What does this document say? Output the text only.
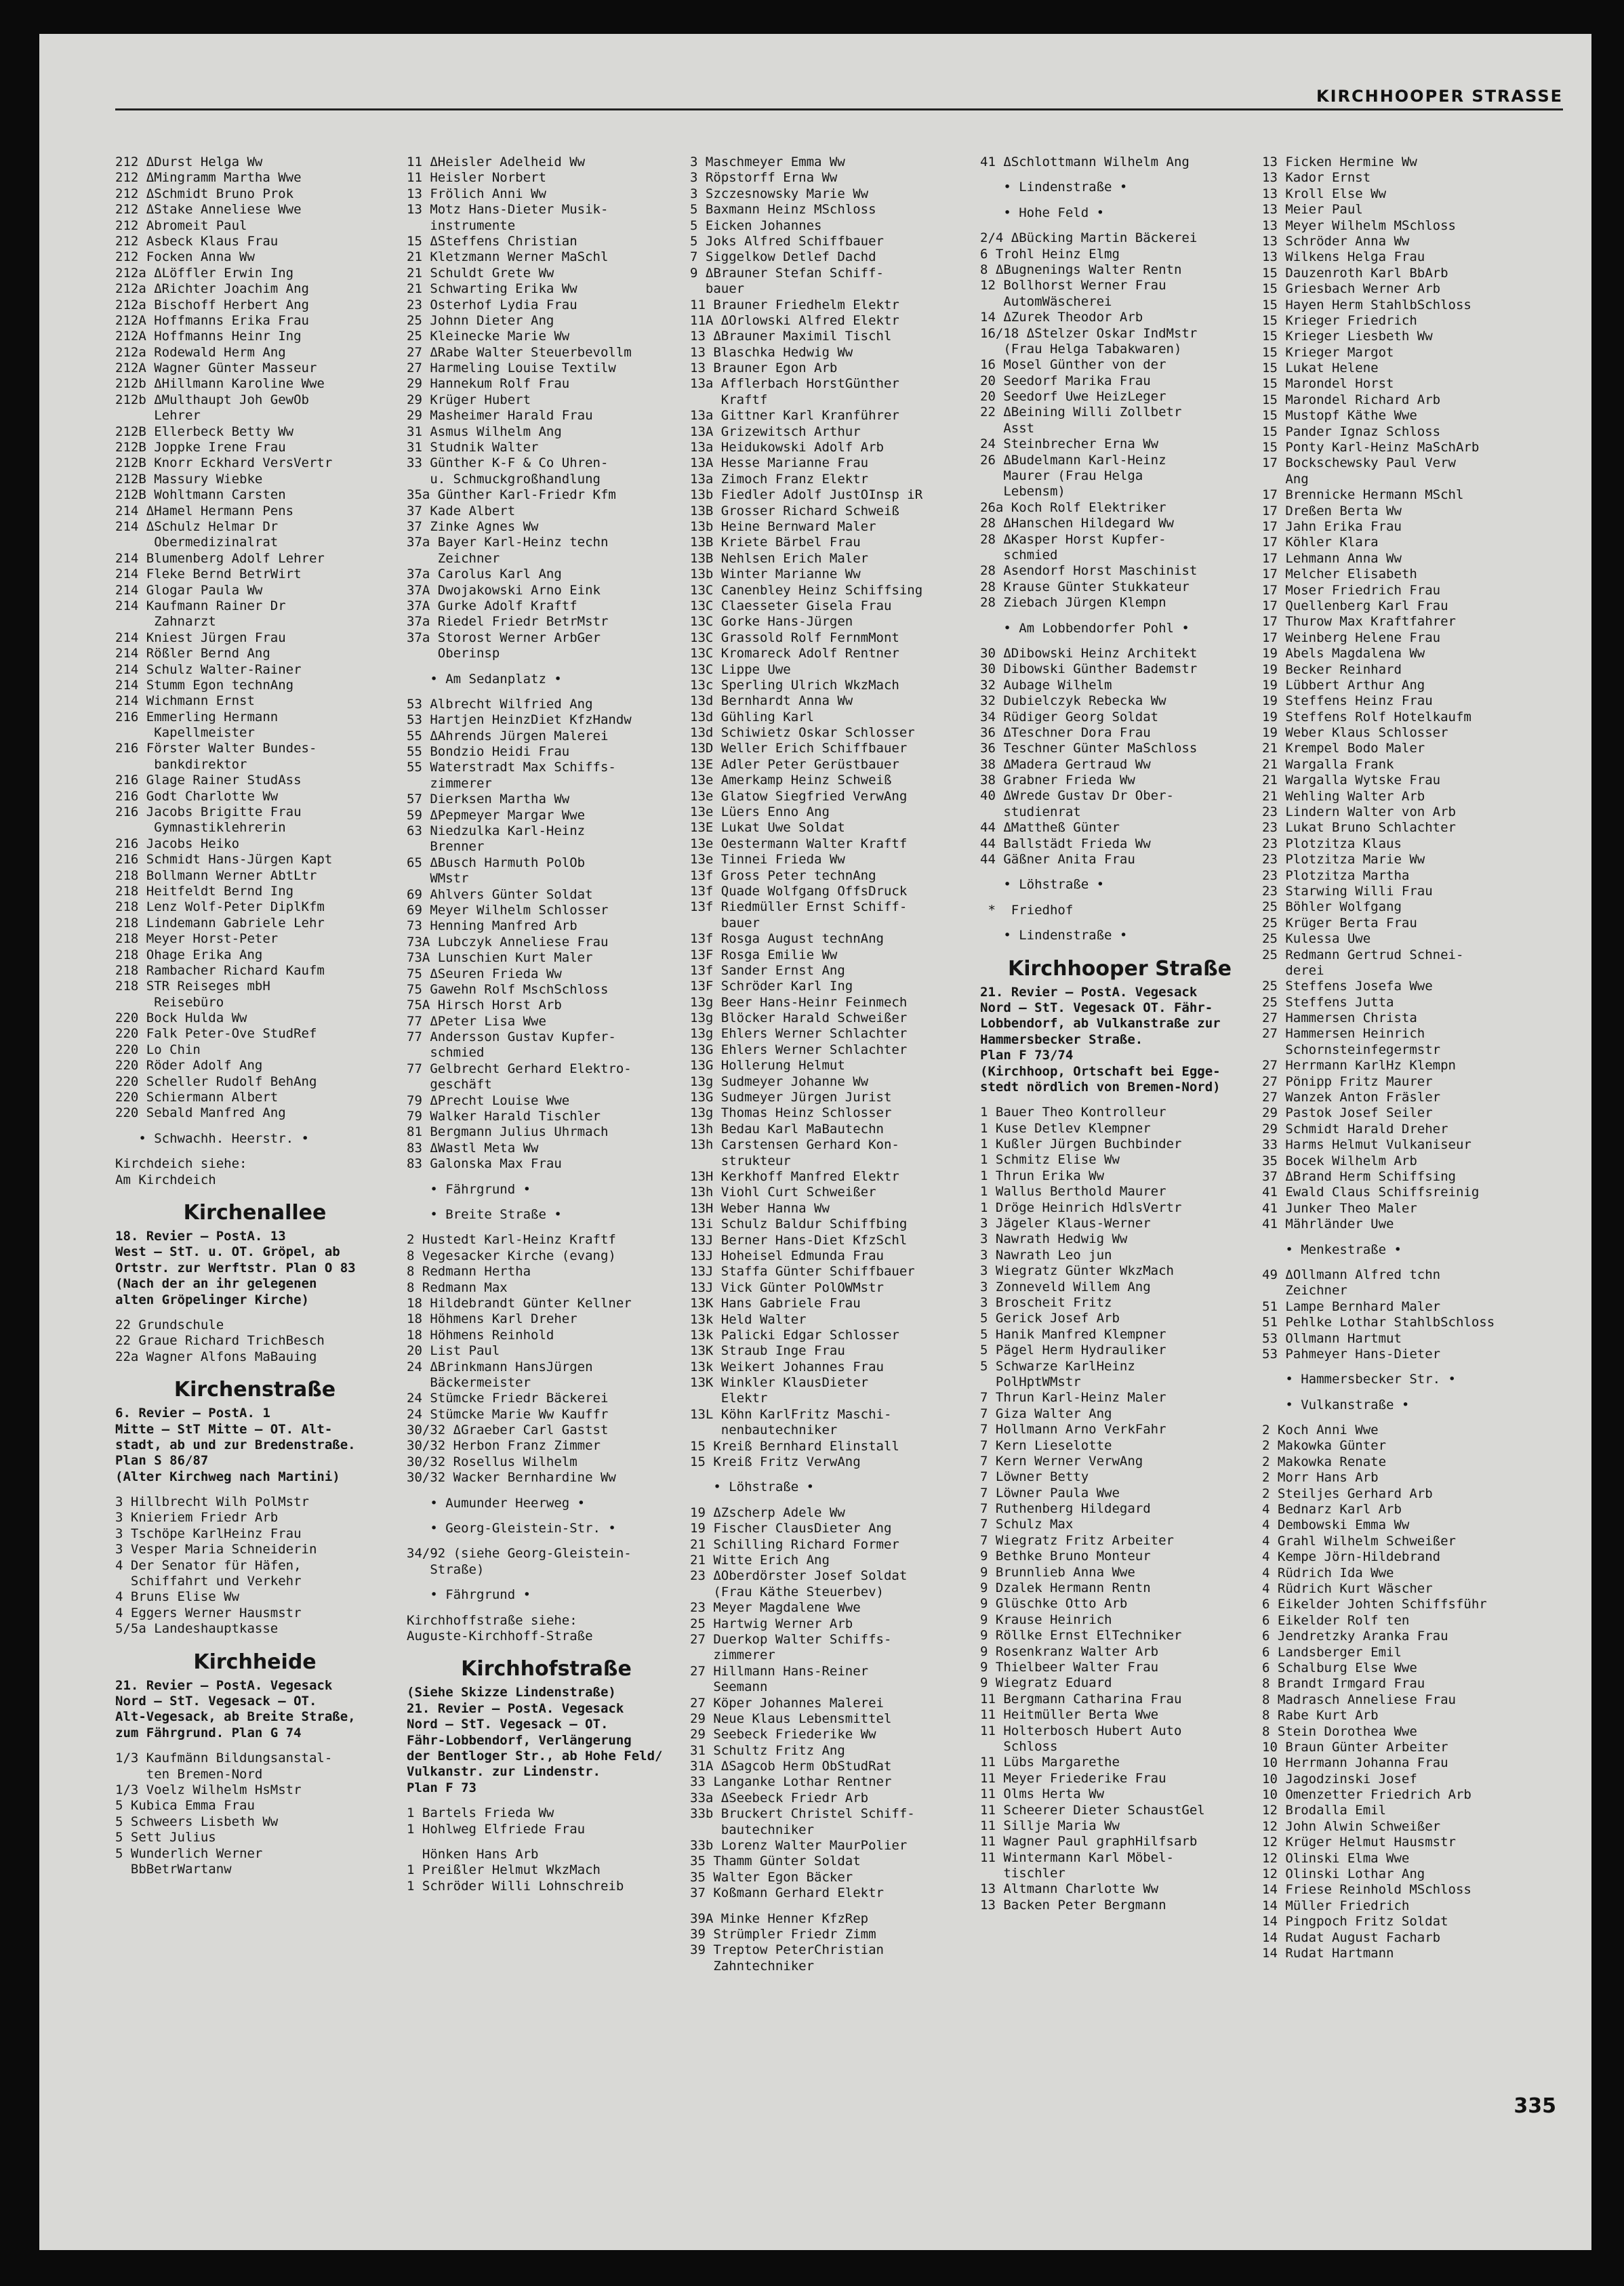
KIRCHHOOPER STRASSE
212 ΔDurst Helga Ww
212 ΔMingramm Martha Wwe
212 ΔSchmidt Bruno Prok
212 ΔStake Anneliese Wwe
212 Abromeit Paul
212 Asbeck Klaus Frau
212 Focken Anna Ww
212a ΔLöffler Erwin Ing
212a ΔRichter Joachim Ang
212a Bischoff Herbert Ang
212A Hoffmanns Erika Frau
212A Hoffmanns Heinr Ing
212a Rodewald Herm Ang
212A Wagner Günter Masseur
212b ΔHillmann Karoline Wwe
212b ΔMulthaupt Joh GewOb
Lehrer
212B Ellerbeck Betty Ww
212B Joppke Irene Frau
212B Knorr Eckhard VersVertr
212B Massury Wiebke
212B Wohltmann Carsten
214 ΔHamel Hermann Pens
214 ΔSchulz Helmar Dr
Obermedizinalrat
214 Blumenberg Adolf Lehrer
214 Fleke Bernd BetrWirt
214 Glogar Paula Ww
214 Kaufmann Rainer Dr
Zahnarzt
214 Kniest Jürgen Frau
214 Rößler Bernd Ang
214 Schulz Walter-Rainer
214 Stumm Egon technAng
214 Wichmann Ernst
216 Emmerling Hermann
Kapellmeister
216 Förster Walter Bundes-
bankdirektor
216 Glage Rainer StudAss
216 Godt Charlotte Ww
216 Jacobs Brigitte Frau
Gymnastiklehrerin
216 Jacobs Heiko
216 Schmidt Hans-Jürgen Kapt
218 Bollmann Werner AbtLtr
218 Heitfeldt Bernd Ing
218 Lenz Wolf-Peter DiplKfm
218 Lindemann Gabriele Lehr
218 Meyer Horst-Peter
218 Ohage Erika Ang
218 Rambacher Richard Kaufm
218 STR Reiseges mbH
Reisebüro
220 Bock Hulda Ww
220 Falk Peter-Ove StudRef
220 Lo Chin
220 Röder Adolf Ang
220 Scheller Rudolf BehAng
220 Schiermann Albert
220 Sebald Manfred Ang
• Schwachh. Heerstr. •
Kirchdeich siehe:
Am Kirchdeich
Kirchenallee
18. Revier — PostA. 13
West — StT. u. OT. Gröpel, ab
Ortstr. zur Werftstr. Plan O 83
(Nach der an ihr gelegenen
alten Gröpelinger Kirche)
22 Grundschule
22 Graue Richard TrichBesch
22a Wagner Alfons MaBauing
Kirchenstraße
6. Revier — PostA. 1
Mitte — StT Mitte — OT. Alt-
stadt, ab und zur Bredenstraße.
Plan S 86/87
(Alter Kirchweg nach Martini)
3 Hillbrecht Wilh PolMstr
3 Knieriem Friedr Arb
3 Tschöpe KarlHeinz Frau
3 Vesper Maria Schneiderin
4 Der Senator für Häfen,
Schiffahrt und Verkehr
4 Bruns Elise Ww
4 Eggers Werner Hausmstr
5/5a Landeshauptkasse
Kirchheide
21. Revier — PostA. Vegesack
Nord — StT. Vegesack — OT.
Alt-Vegesack, ab Breite Straße,
zum Fährgrund. Plan G 74
1/3 Kaufmänn Bildungsanstal-
ten Bremen-Nord
1/3 Voelz Wilhelm HsMstr
5 Kubica Emma Frau
5 Schweers Lisbeth Ww
5 Sett Julius
5 Wunderlich Werner
BbBetrWartanw
11 ΔHeisler Adelheid Ww
11 Heisler Norbert
13 Frölich Anni Ww
13 Motz Hans-Dieter Musik-
instrumente
15 ΔSteffens Christian
21 Kletzmann Werner MaSchl
21 Schuldt Grete Ww
21 Schwarting Erika Ww
23 Osterhof Lydia Frau
25 Johnn Dieter Ang
25 Kleinecke Marie Ww
27 ΔRabe Walter Steuerbevollm
27 Harmeling Louise Textilw
29 Hannekum Rolf Frau
29 Krüger Hubert
29 Masheimer Harald Frau
31 Asmus Wilhelm Ang
31 Studnik Walter
33 Günther K-F & Co Uhren-
u. Schmuckgroßhandlung
35a Günther Karl-Friedr Kfm
37 Kade Albert
37 Zinke Agnes Ww
37a Bayer Karl-Heinz techn
Zeichner
37a Carolus Karl Ang
37A Dwojakowski Arno Eink
37A Gurke Adolf Kraftf
37a Riedel Friedr BetrMstr
37a Storost Werner ArbGer
Oberinsp
• Am Sedanplatz •
53 Albrecht Wilfried Ang
53 Hartjen HeinzDiet KfzHandw
55 ΔAhrends Jürgen Malerei
55 Bondzio Heidi Frau
55 Waterstradt Max Schiffs-
zimmerer
57 Dierksen Martha Ww
59 ΔPepmeyer Margar Wwe
63 Niedzulka Karl-Heinz
Brenner
65 ΔBusch Harmuth PolOb
WMstr
69 Ahlvers Günter Soldat
69 Meyer Wilhelm Schlosser
73 Henning Manfred Arb
73A Lubczyk Anneliese Frau
73A Lunschien Kurt Maler
75 ΔSeuren Frieda Ww
75 Gawehn Rolf MschSchloss
75A Hirsch Horst Arb
77 ΔPeter Lisa Wwe
77 Andersson Gustav Kupfer-
schmied
77 Gelbrecht Gerhard Elektro-
geschäft
79 ΔPrecht Louise Wwe
79 Walker Harald Tischler
81 Bergmann Julius Uhrmach
83 ΔWastl Meta Ww
83 Galonska Max Frau
• Fährgrund •
• Breite Straße •
2 Hustedt Karl-Heinz Kraftf
8 Vegesacker Kirche (evang)
8 Redmann Hertha
8 Redmann Max
18 Hildebrandt Günter Kellner
18 Höhmens Karl Dreher
18 Höhmens Reinhold
20 List Paul
24 ΔBrinkmann HansJürgen
Bäckermeister
24 Stümcke Friedr Bäckerei
24 Stümcke Marie Ww Kauffr
30/32 ΔGraeber Carl Gastst
30/32 Herbon Franz Zimmer
30/32 Rosellus Wilhelm
30/32 Wacker Bernhardine Ww
• Aumunder Heerweg •
• Georg-Gleistein-Str. •
34/92 (siehe Georg-Gleistein-
Straße)
• Fährgrund •
Kirchhoffstraße siehe:
Auguste-Kirchhoff-Straße
Kirchhofstraße
(Siehe Skizze Lindenstraße)
21. Revier — PostA. Vegesack
Nord — StT. Vegesack — OT.
Fähr-Lobbendorf, Verlängerung
der Bentloger Str., ab Hohe Feld/
Vulkanstr. zur Lindenstr.
Plan F 73
1 Bartels Frieda Ww
1 Hohlweg Elfriede Frau
Hönken Hans Arb
1 Preißler Helmut WkzMach
1 Schröder Willi Lohnschreib
3 Maschmeyer Emma Ww
3 Röpstorff Erna Ww
3 Szczesnowsky Marie Ww
5 Baxmann Heinz MSchloss
5 Eicken Johannes
5 Joks Alfred Schiffbauer
7 Siggelkow Detlef Dachd
9 ΔBrauner Stefan Schiff-
bauer
11 Brauner Friedhelm Elektr
11A ΔOrlowski Alfred Elektr
13 ΔBrauner Maximil Tischl
13 Blaschka Hedwig Ww
13 Brauner Egon Arb
13a Afflerbach HorstGünther
Kraftf
13a Gittner Karl Kranführer
13A Grizewitsch Arthur
13a Heidukowski Adolf Arb
13A Hesse Marianne Frau
13a Zimoch Franz Elektr
13b Fiedler Adolf JustOInsp iR
13B Grosser Richard Schweiß
13b Heine Bernward Maler
13B Kriete Bärbel Frau
13B Nehlsen Erich Maler
13b Winter Marianne Ww
13C Canenbley Heinz Schiffsing
13C Claesseter Gisela Frau
13C Gorke Hans-Jürgen
13C Grassold Rolf FernmMont
13C Kromareck Adolf Rentner
13C Lippe Uwe
13c Sperling Ulrich WkzMach
13d Bernhardt Anna Ww
13d Gühling Karl
13d Schiwietz Oskar Schlosser
13D Weller Erich Schiffbauer
13E Adler Peter Gerüstbauer
13e Amerkamp Heinz Schweiß
13e Glatow Siegfried VerwAng
13e Lüers Enno Ang
13E Lukat Uwe Soldat
13e Oestermann Walter Kraftf
13e Tinnei Frieda Ww
13f Gross Peter technAng
13f Quade Wolfgang OffsDruck
13f Riedmüller Ernst Schiff-
bauer
13f Rosga August technAng
13F Rosga Emilie Ww
13f Sander Ernst Ang
13F Schröder Karl Ing
13g Beer Hans-Heinr Feinmech
13g Blöcker Harald Schweißer
13g Ehlers Werner Schlachter
13G Ehlers Werner Schlachter
13G Hollerung Helmut
13g Sudmeyer Johanne Ww
13G Sudmeyer Jürgen Jurist
13g Thomas Heinz Schlosser
13h Bedau Karl MaBautechn
13h Carstensen Gerhard Kon-
strukteur
13H Kerkhoff Manfred Elektr
13h Viohl Curt Schweißer
13H Weber Hanna Ww
13i Schulz Baldur Schiffbing
13J Berner Hans-Diet KfzSchl
13J Hoheisel Edmunda Frau
13J Staffa Günter Schiffbauer
13J Vick Günter PolOWMstr
13K Hans Gabriele Frau
13k Held Walter
13k Palicki Edgar Schlosser
13K Straub Inge Frau
13k Weikert Johannes Frau
13K Winkler KlausDieter
Elektr
13L Köhn KarlFritz Maschi-
nenbautechniker
15 Kreiß Bernhard Elinstall
15 Kreiß Fritz VerwAng
• Löhstraße •
19 ΔZscherp Adele Ww
19 Fischer ClausDieter Ang
21 Schilling Richard Former
21 Witte Erich Ang
23 ΔOberdörster Josef Soldat
(Frau Käthe Steuerbev)
23 Meyer Magdalene Wwe
25 Hartwig Werner Arb
27 Duerkop Walter Schiffs-
zimmerer
27 Hillmann Hans-Reiner
Seemann
27 Köper Johannes Malerei
29 Neue Klaus Lebensmittel
29 Seebeck Friederike Ww
31 Schultz Fritz Ang
31A ΔSagcob Herm ObStudRat
33 Langanke Lothar Rentner
33a ΔSeebeck Friedr Arb
33b Bruckert Christel Schiff-
bautechniker
33b Lorenz Walter MaurPolier
35 Thamm Günter Soldat
35 Walter Egon Bäcker
37 Koßmann Gerhard Elektr
39A Minke Henner KfzRep
39 Strümpler Friedr Zimm
39 Treptow PeterChristian
Zahntechniker
41 ΔSchlottmann Wilhelm Ang
• Lindenstraße •
• Hohe Feld •
2/4 ΔBücking Martin Bäckerei
6 Trohl Heinz Elmg
8 ΔBugnenings Walter Rentn
12 Bollhorst Werner Frau
AutomWäscherei
14 ΔZurek Theodor Arb
16/18 ΔStelzer Oskar IndMstr
(Frau Helga Tabakwaren)
16 Mosel Günther von der
20 Seedorf Marika Frau
20 Seedorf Uwe HeizLeger
22 ΔBeining Willi Zollbetr
Asst
24 Steinbrecher Erna Ww
26 ΔBudelmann Karl-Heinz
Maurer (Frau Helga
Lebensm)
26a Koch Rolf Elektriker
28 ΔHanschen Hildegard Ww
28 ΔKasper Horst Kupfer-
schmied
28 Asendorf Horst Maschinist
28 Krause Günter Stukkateur
28 Ziebach Jürgen Klempn
• Am Lobbendorfer Pohl •
30 ΔDibowski Heinz Architekt
30 Dibowski Günther Bademstr
32 Aubage Wilhelm
32 Dubielczyk Rebecka Ww
34 Rüdiger Georg Soldat
36 ΔTeschner Dora Frau
36 Teschner Günter MaSchloss
38 ΔMadera Gertraud Ww
38 Grabner Frieda Ww
40 ΔWrede Gustav Dr Ober-
studienrat
44 ΔMattheß Günter
44 Ballstädt Frieda Ww
44 Gäßner Anita Frau
• Löhstraße •
*  Friedhof
• Lindenstraße •
Kirchhooper Straße
21. Revier — PostA. Vegesack
Nord — StT. Vegesack OT. Fähr-
Lobbendorf, ab Vulkanstraße zur
Hammersbecker Straße.
Plan F 73/74
(Kirchhoop, Ortschaft bei Egge-
stedt nördlich von Bremen-Nord)
1 Bauer Theo Kontrolleur
1 Kuse Detlev Klempner
1 Kußler Jürgen Buchbinder
1 Schmitz Elise Ww
1 Thrun Erika Ww
1 Wallus Berthold Maurer
1 Dröge Heinrich HdlsVertr
3 Jägeler Klaus-Werner
3 Nawrath Hedwig Ww
3 Nawrath Leo jun
3 Wiegratz Günter WkzMach
3 Zonneveld Willem Ang
3 Broscheit Fritz
5 Gerick Josef Arb
5 Hanik Manfred Klempner
5 Pägel Herm Hydrauliker
5 Schwarze KarlHeinz
PolHptWMstr
7 Thrun Karl-Heinz Maler
7 Giza Walter Ang
7 Hollmann Arno VerkFahr
7 Kern Lieselotte
7 Kern Werner VerwAng
7 Löwner Betty
7 Löwner Paula Wwe
7 Ruthenberg Hildegard
7 Schulz Max
7 Wiegratz Fritz Arbeiter
9 Bethke Bruno Monteur
9 Brunnlieb Anna Wwe
9 Dzalek Hermann Rentn
9 Glüschke Otto Arb
9 Krause Heinrich
9 Röllke Ernst ElTechniker
9 Rosenkranz Walter Arb
9 Thielbeer Walter Frau
9 Wiegratz Eduard
11 Bergmann Catharina Frau
11 Heitmüller Berta Wwe
11 Holterbosch Hubert Auto
Schloss
11 Lübs Margarethe
11 Meyer Friederike Frau
11 Olms Herta Ww
11 Scheerer Dieter SchaustGel
11 Sillje Maria Ww
11 Wagner Paul graphHilfsarb
11 Wintermann Karl Möbel-
tischler
13 Altmann Charlotte Ww
13 Backen Peter Bergmann
13 Ficken Hermine Ww
13 Kador Ernst
13 Kroll Else Ww
13 Meier Paul
13 Meyer Wilhelm MSchloss
13 Schröder Anna Ww
13 Wilkens Helga Frau
15 Dauzenroth Karl BbArb
15 Griesbach Werner Arb
15 Hayen Herm StahlbSchloss
15 Krieger Friedrich
15 Krieger Liesbeth Ww
15 Krieger Margot
15 Lukat Helene
15 Marondel Horst
15 Marondel Richard Arb
15 Mustopf Käthe Wwe
15 Pander Ignaz Schloss
15 Ponty Karl-Heinz MaSchArb
17 Bockschewsky Paul Verw
Ang
17 Brennicke Hermann MSchl
17 Dreßen Berta Ww
17 Jahn Erika Frau
17 Köhler Klara
17 Lehmann Anna Ww
17 Melcher Elisabeth
17 Moser Friedrich Frau
17 Quellenberg Karl Frau
17 Thurow Max Kraftfahrer
17 Weinberg Helene Frau
19 Abels Magdalena Ww
19 Becker Reinhard
19 Lübbert Arthur Ang
19 Steffens Heinz Frau
19 Steffens Rolf Hotelkaufm
19 Weber Klaus Schlosser
21 Krempel Bodo Maler
21 Wargalla Frank
21 Wargalla Wytske Frau
21 Wehling Walter Arb
23 Lindern Walter von Arb
23 Lukat Bruno Schlachter
23 Plotzitza Klaus
23 Plotzitza Marie Ww
23 Plotzitza Martha
23 Starwing Willi Frau
25 Böhler Wolfgang
25 Krüger Berta Frau
25 Kulessa Uwe
25 Redmann Gertrud Schnei-
derei
25 Steffens Josefa Wwe
25 Steffens Jutta
27 Hammersen Christa
27 Hammersen Heinrich
Schornsteinfegermstr
27 Herrmann KarlHz Klempn
27 Pönipp Fritz Maurer
27 Wanzek Anton Fräsler
29 Pastok Josef Seiler
29 Schmidt Harald Dreher
33 Harms Helmut Vulkaniseur
35 Bocek Wilhelm Arb
37 ΔBrand Herm Schiffsing
41 Ewald Claus Schiffsreinig
41 Junker Theo Maler
41 Mährländer Uwe
• Menkestraße •
49 ΔOllmann Alfred tchn
Zeichner
51 Lampe Bernhard Maler
51 Pehlke Lothar StahlbSchloss
53 Ollmann Hartmut
53 Pahmeyer Hans-Dieter
• Hammersbecker Str. •
• Vulkanstraße •
2 Koch Anni Wwe
2 Makowka Günter
2 Makowka Renate
2 Morr Hans Arb
2 Steiljes Gerhard Arb
4 Bednarz Karl Arb
4 Dembowski Emma Ww
4 Grahl Wilhelm Schweißer
4 Kempe Jörn-Hildebrand
4 Rüdrich Ida Wwe
4 Rüdrich Kurt Wäscher
6 Eikelder Johten Schiffsführ
6 Eikelder Rolf ten
6 Jendretzky Aranka Frau
6 Landsberger Emil
6 Schalburg Else Wwe
8 Brandt Irmgard Frau
8 Madrasch Anneliese Frau
8 Rabe Kurt Arb
8 Stein Dorothea Wwe
10 Braun Günter Arbeiter
10 Herrmann Johanna Frau
10 Jagodzinski Josef
10 Omenzetter Friedrich Arb
12 Brodalla Emil
12 John Alwin Schweißer
12 Krüger Helmut Hausmstr
12 Olinski Elma Wwe
12 Olinski Lothar Ang
14 Friese Reinhold MSchloss
14 Müller Friedrich
14 Pingpoch Fritz Soldat
14 Rudat August Facharb
14 Rudat Hartmann
335
